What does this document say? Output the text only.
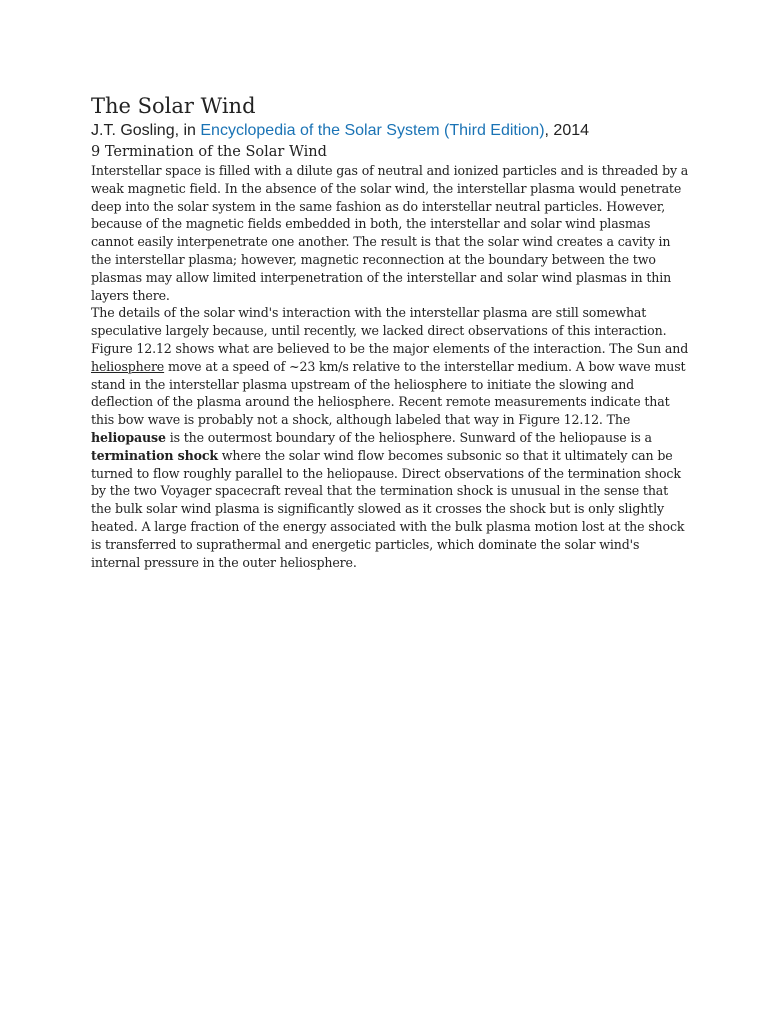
The Solar Wind

J.T. Gosling, in Encyclopedia of the Solar System (Third Edition), 2014

9 Termination of the Solar Wind

Interstellar space is filled with a dilute gas of neutral and ionized particles and is threaded by a weak magnetic field. In the absence of the solar wind, the interstellar plasma would penetrate deep into the solar system in the same fashion as do interstellar neutral particles. However, because of the magnetic fields embedded in both, the interstellar and solar wind plasmas cannot easily interpenetrate one another. The result is that the solar wind creates a cavity in the interstellar plasma; however, magnetic reconnection at the boundary between the two plasmas may allow limited interpenetration of the interstellar and solar wind plasmas in thin layers there.

The details of the solar wind's interaction with the interstellar plasma are still somewhat speculative largely because, until recently, we lacked direct observations of this interaction. Figure 12.12 shows what are believed to be the major elements of the interaction. The Sun and heliosphere move at a speed of ~23 km/s relative to the interstellar medium. A bow wave must stand in the interstellar plasma upstream of the heliosphere to initiate the slowing and deflection of the plasma around the heliosphere. Recent remote measurements indicate that this bow wave is probably not a shock, although labeled that way in Figure 12.12. The heliopause is the outermost boundary of the heliosphere. Sunward of the heliopause is a termination shock where the solar wind flow becomes subsonic so that it ultimately can be turned to flow roughly parallel to the heliopause. Direct observations of the termination shock by the two Voyager spacecraft reveal that the termination shock is unusual in the sense that the bulk solar wind plasma is significantly slowed as it crosses the shock but is only slightly heated. A large fraction of the energy associated with the bulk plasma motion lost at the shock is transferred to suprathermal and energetic particles, which dominate the solar wind's internal pressure in the outer heliosphere.
